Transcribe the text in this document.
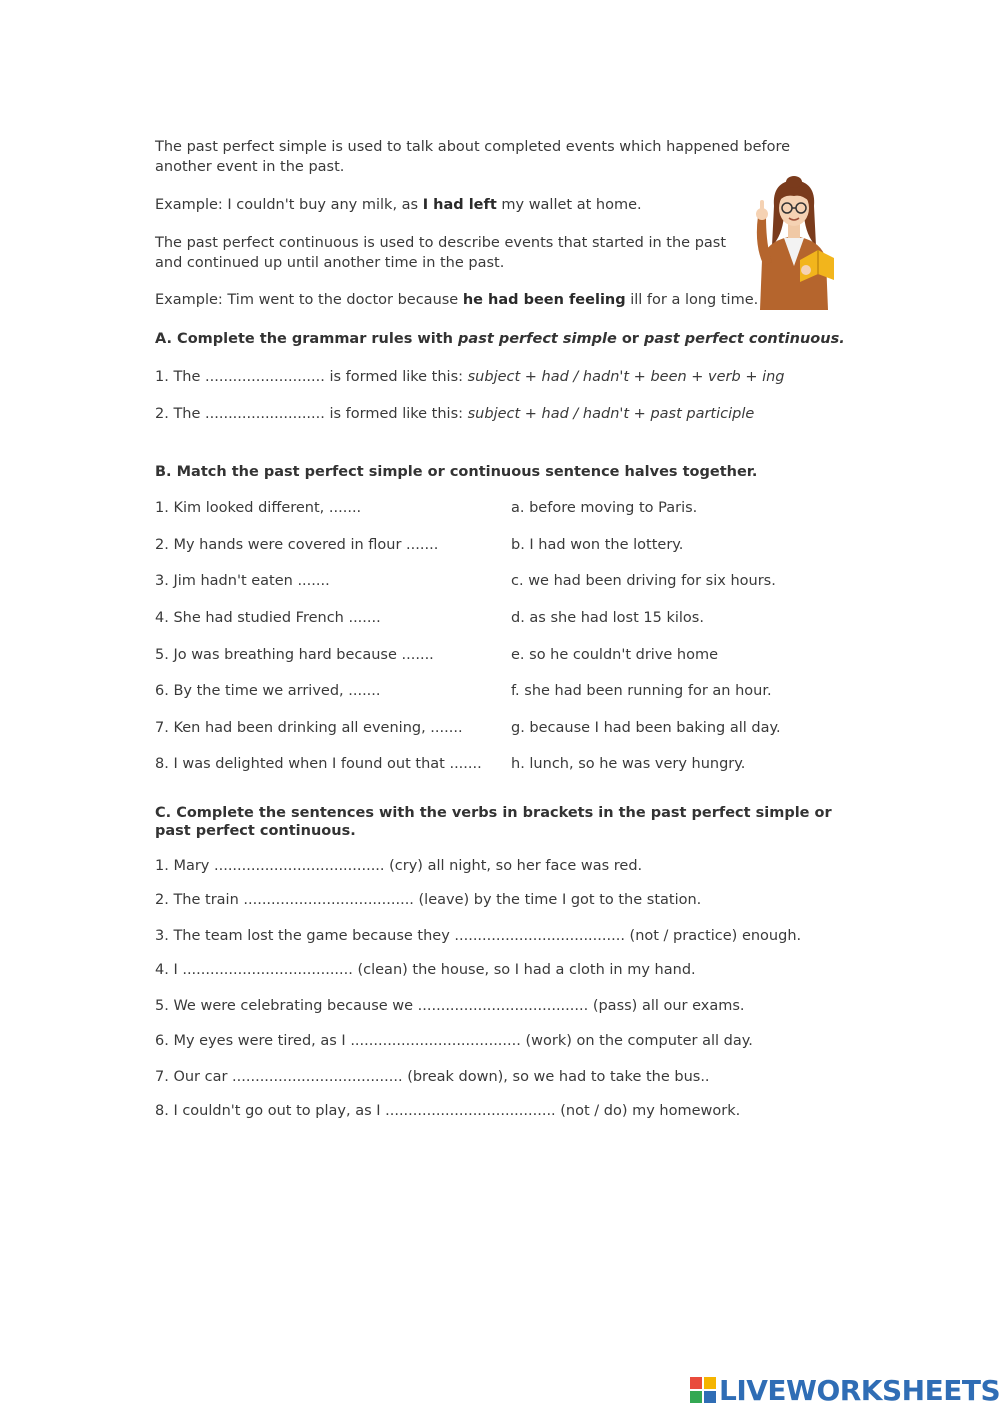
The past perfect simple is used to talk about completed events which happened before another event in the past.
Example: I couldn't buy any milk, as I had left my wallet at home.
The past perfect continuous is used to describe events that started in the past and continued up until another time in the past.
Example: Tim went to the doctor because he had been feeling ill for a long time.
A. Complete the grammar rules with past perfect simple or past perfect continuous.
1. The .......................... is formed like this: subject + had / hadn't + been + verb + ing
2. The .......................... is formed like this: subject + had / hadn't + past participle
B. Match the past perfect simple or continuous sentence halves together.
1. Kim looked different, .......
2. My hands were covered in flour .......
3. Jim hadn't eaten .......
4. She had studied French .......
5. Jo was breathing hard because .......
6. By the time we arrived, .......
7. Ken had been drinking all evening, .......
8. I was delighted when I found out that .......
a. before moving to Paris.
b. I had won the lottery.
c. we had been driving for six hours.
d. as she had lost 15 kilos.
e. so he couldn't drive home
f. she had been running for an hour.
g. because I had been baking all day.
h. lunch, so he was very hungry.
C. Complete the sentences with the verbs in brackets in the past perfect simple or
past perfect continuous.
1. Mary ..................................... (cry) all night, so her face was red.
2. The train ..................................... (leave) by the time I got to the station.
3. The team lost the game because they ..................................... (not / practice) enough.
4. I ..................................... (clean) the house, so I had a cloth in my hand.
5. We were celebrating because we ..................................... (pass) all our exams.
6. My eyes were tired, as I ..................................... (work) on the computer all day.
7. Our car ..................................... (break down), so we had to take the bus..
8. I couldn't go out to play, as I ..................................... (not / do) my homework.
LIVEWORKSHEETS
